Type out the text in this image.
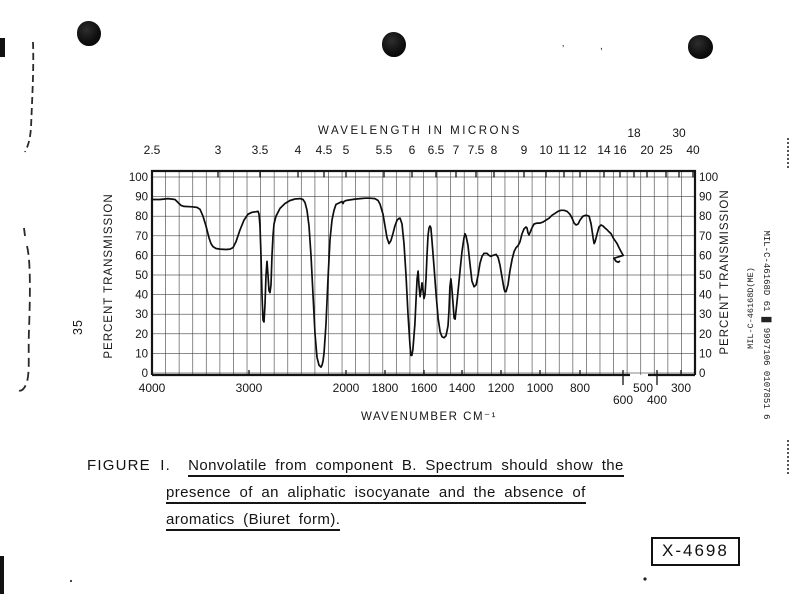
‚	,
2.5	3	3.5 4 4.5 5 5.5 6 6.5 7 7.5 8 9 10 11 12 14 16
18
20 25
30
40
4000	3000	2000 1800 1600 1400 1200 1000 800
600
500
400
300
100	100
90	90
80	80
70	70
60	60
50	50
40	40
30	30
20	20
10	10
0	0
WAVELENGTH IN MICRONS
WAVENUMBER CM⁻¹
PERCENT TRANSMISSION	PERCENT TRANSMISSION
FIGURE I. Nonvolatile from component B. Spectrum should show the
presence of an aliphatic isocyanate and the absence of
aromatics (Biuret form).
X-4698
35	MIL-C-46168D(ME) MIL-C-46168D 61 █ 9997106 0107851 6
